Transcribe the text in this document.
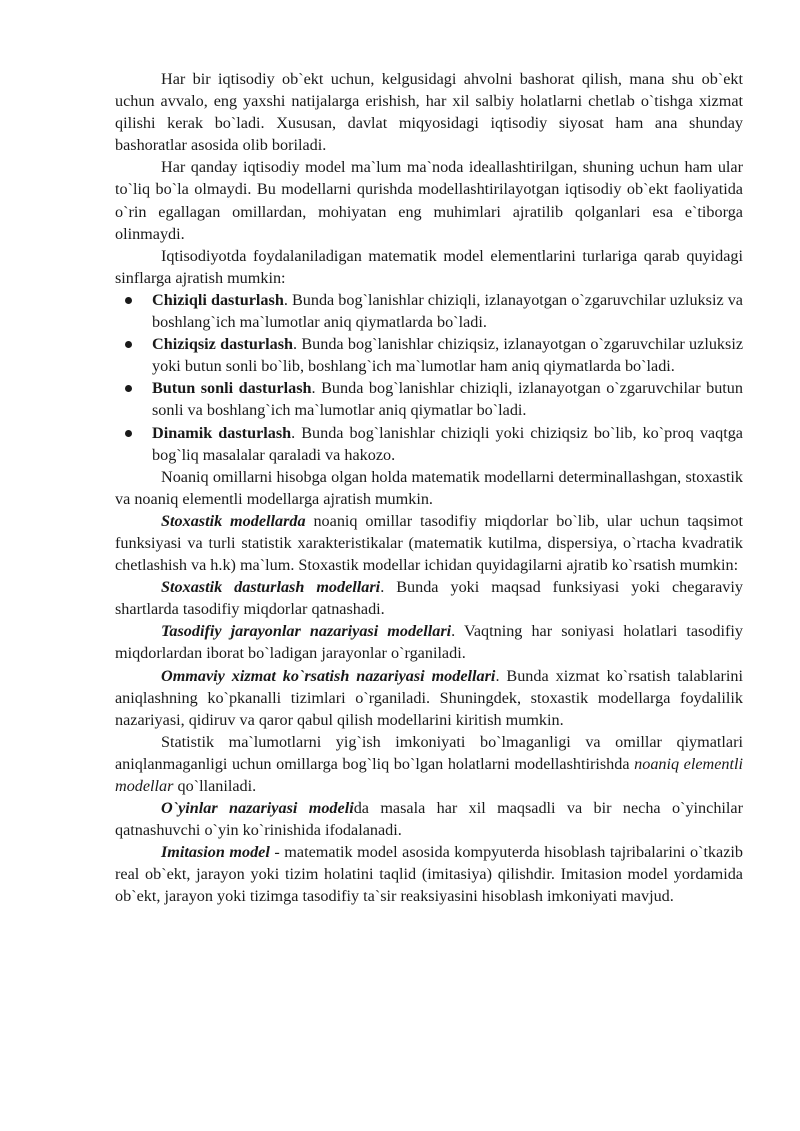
Har bir iqtisodiy ob`ekt uchun, kelgusidagi ahvolni bashorat qilish, mana shu ob`ekt uchun avvalo, eng yaxshi natijalarga erishish, har xil salbiy holatlarni chetlab o`tishga xizmat qilishi kerak bo`ladi. Xususan, davlat miqyosidagi iqtisodiy siyosat ham ana shunday bashoratlar asosida olib boriladi.

Har qanday iqtisodiy model ma`lum ma`noda ideallashtirilgan, shuning uchun ham ular to`liq bo`la olmaydi. Bu modellarni qurishda modellashtirilayotgan iqtisodiy ob`ekt faoliyatida o`rin egallagan omillardan, mohiyatan eng muhimlari ajratilib qolganlari esa e`tiborga olinmaydi.

Iqtisodiyotda foydalaniladigan matematik model elementlarini turlariga qarab quyidagi sinflarga ajratish mumkin:

Chiziqli dasturlash. Bunda bog`lanishlar chiziqli, izlanayotgan o`zgaruvchilar uzluksiz va boshlang`ich ma`lumotlar aniq qiymatlarda bo`ladi.
Chiziqsiz dasturlash. Bunda bog`lanishlar chiziqsiz, izlanayotgan o`zgaruvchilar uzluksiz yoki butun sonli bo`lib, boshlang`ich ma`lumotlar ham aniq qiymatlarda bo`ladi.
Butun sonli dasturlash. Bunda bog`lanishlar chiziqli, izlanayotgan o`zgaruvchilar butun sonli va boshlang`ich ma`lumotlar aniq qiymatlar bo`ladi.
Dinamik dasturlash. Bunda bog`lanishlar chiziqli yoki chiziqsiz bo`lib, ko`proq vaqtga bog`liq masalalar qaraladi va hakozo.

Noaniq omillarni hisobga olgan holda matematik modellarni determinallashgan, stoxastik va noaniq elementli modellarga ajratish mumkin.

Stoxastik modellarda noaniq omillar tasodifiy miqdorlar bo`lib, ular uchun taqsimot funksiyasi va turli statistik xarakteristikalar (matematik kutilma, dispersiya, o`rtacha kvadratik chetlashish va h.k) ma`lum. Stoxastik modellar ichidan quyidagilarni ajratib ko`rsatish mumkin:

Stoxastik dasturlash modellari. Bunda yoki maqsad funksiyasi yoki chegaraviy shartlarda tasodifiy miqdorlar qatnashadi.

Tasodifiy jarayonlar nazariyasi modellari. Vaqtning har soniyasi holatlari tasodifiy miqdorlardan iborat bo`ladigan jarayonlar o`rganiladi.

Ommaviy xizmat ko`rsatish nazariyasi modellari. Bunda xizmat ko`rsatish talablarini aniqlashning ko`pkanalli tizimlari o`rganiladi. Shuningdek, stoxastik modellarga foydalilik nazariyasi, qidiruv va qaror qabul qilish modellarini kiritish mumkin.

Statistik ma`lumotlarni yig`ish imkoniyati bo`lmaganligi va omillar qiymatlari aniqlanmaganligi uchun omillarga bog`liq bo`lgan holatlarni modellashtirishda noaniq elementli modellar qo`llaniladi.

O`yinlar nazariyasi modelida masala har xil maqsadli va bir necha o`yinchilar qatnashuvchi o`yin ko`rinishida ifodalanadi.

Imitasion model - matematik model asosida kompyuterda hisoblash tajribalarini o`tkazib real ob`ekt, jarayon yoki tizim holatini taqlid (imitasiya) qilishdir. Imitasion model yordamida ob`ekt, jarayon yoki tizimga tasodifiy ta`sir reaksiyasini hisoblash imkoniyati mavjud.
